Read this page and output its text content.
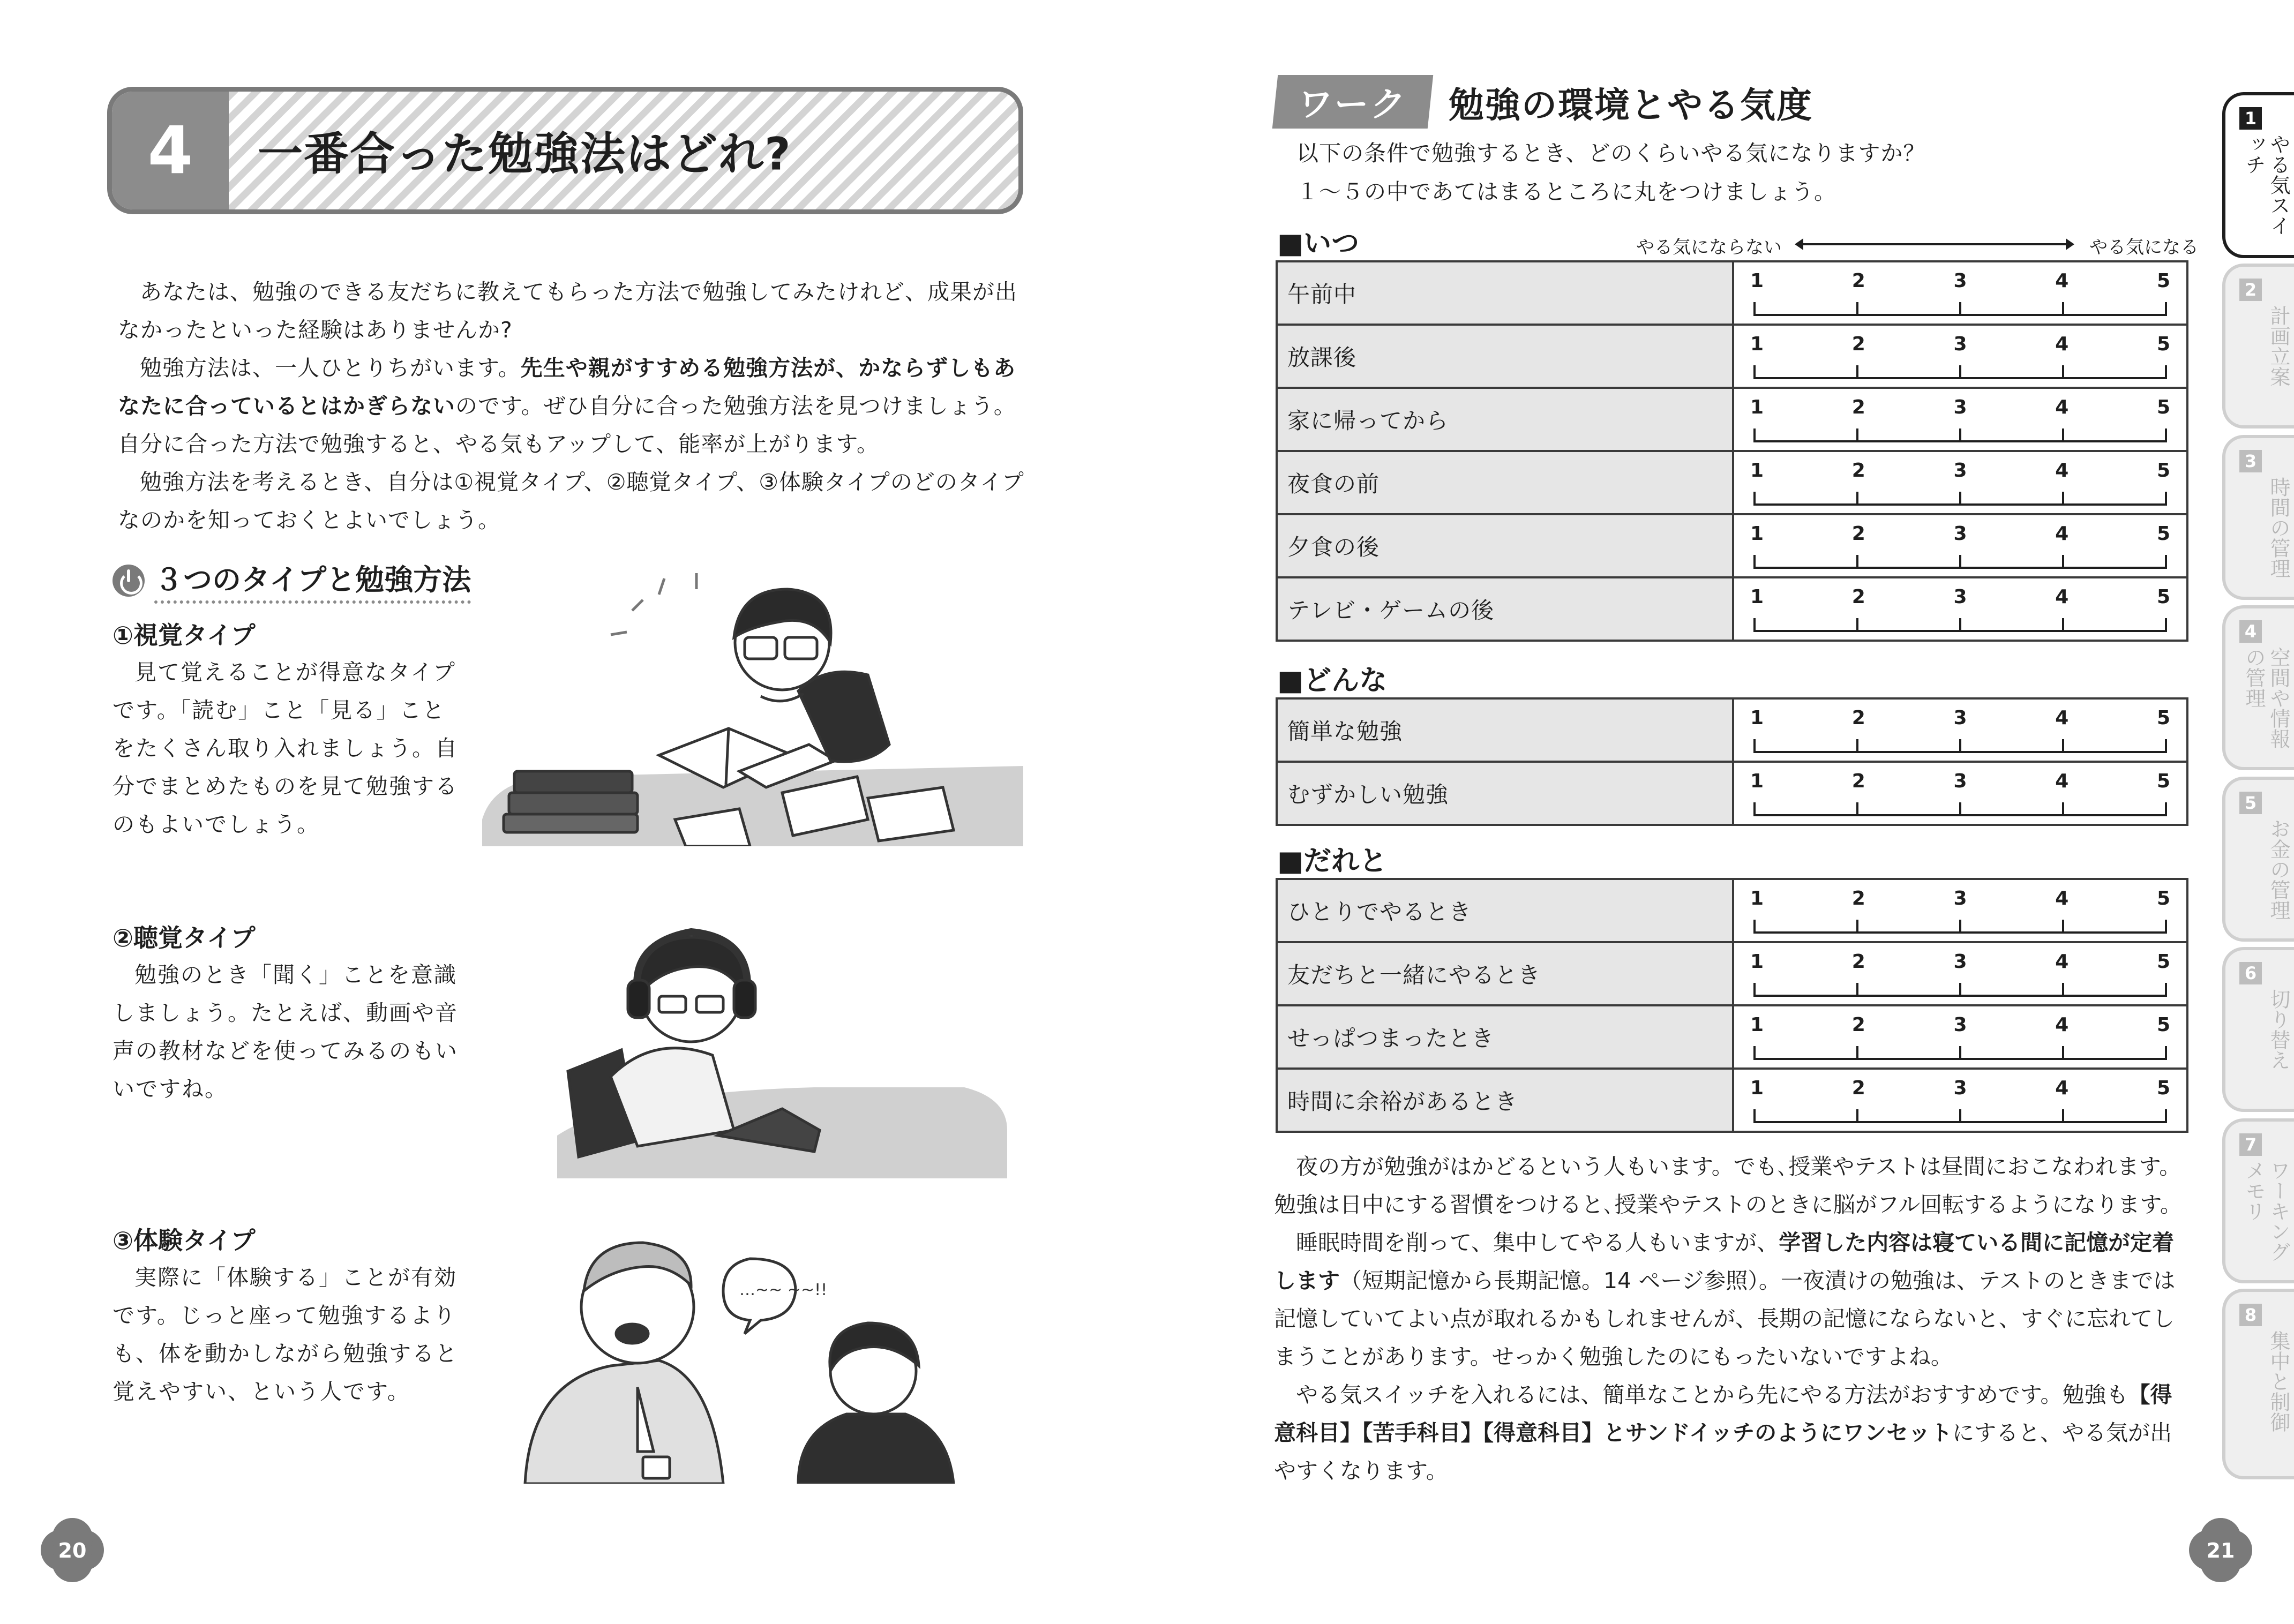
4	一番合った勉強法はどれ?

あなたは、勉強のできる友だちに教えてもらった方法で勉強してみたけれど、成果が出なかったといった経験はありませんか?

勉強方法は、一人ひとりちがいます。先生や親がすすめる勉強方法が、かならずしもあなたに合っているとはかぎらないのです。ぜひ自分に合った勉強方法を見つけましょう。自分に合った方法で勉強すると、やる気もアップして、能率が上がります。

勉強方法を考えるとき、自分は①視覚タイプ、②聴覚タイプ、③体験タイプのどのタイプなのかを知っておくとよいでしょう。

３つのタイプと勉強方法
①視覚タイプ
見て覚えることが得意なタイプです。「読む」こと「見る」ことをたくさん取り入れましょう。自分でまとめたものを見て勉強するのもよいでしょう。
②聴覚タイプ
勉強のとき「聞く」ことを意識しましょう。たとえば、動画や音声の教材などを使ってみるのもいいですね。
③体験タイプ
実際に「体験する」ことが有効です。じっと座って勉強するよりも、体を動かしながら勉強すると覚えやすい、という人です。
…~~ ~~!!
20
ワーク	勉強の環境とやる気度
以下の条件で勉強するとき、どのくらいやる気になりますか？
１～５の中であてはまるところに丸をつけましょう。
■いつ	やる気にならない	やる気になる
午前中	1 2 3 4 5

放課後	1 2 3 4 5

家に帰ってから	1 2 3 4 5

夜食の前	1 2 3 4 5

夕食の後	1 2 3 4 5

テレビ・ゲームの後	1 2 3 4 5
■どんな
簡単な勉強	1 2 3 4 5

むずかしい勉強	1 2 3 4 5
■だれと
ひとりでやるとき	1 2 3 4 5

友だちと一緒にやるとき	1 2 3 4 5

せっぱつまったとき	1 2 3 4 5

時間に余裕があるとき	1 2 3 4 5

夜の方が勉強がはかどるという人もいます。でも､授業やテストは昼間におこなわれます。勉強は日中にする習慣をつけると､授業やテストのときに脳がフル回転するようになります。

睡眠時間を削って、集中してやる人もいますが、学習した内容は寝ている間に記憶が定着します（短期記憶から長期記憶。14 ページ参照）。一夜漬けの勉強は、テストのときまでは記憶していてよい点が取れるかもしれませんが、長期の記憶にならないと、すぐに忘れてしまうことがあります。せっかく勉強したのにもったいないですよね。

やる気スイッチを入れるには、簡単なことから先にやる方法がおすすめです。勉強も【得意科目】【苦手科目】【得意科目】とサンドイッチのようにワンセットにすると、やる気が出やすくなります。

21
1
やる気スイッチ
2
計画立案
3
時間の管理
4
空間や情報の管理
5
お金の管理
6
切り替え
7
ワーキングメモリ
8
集中と制御
